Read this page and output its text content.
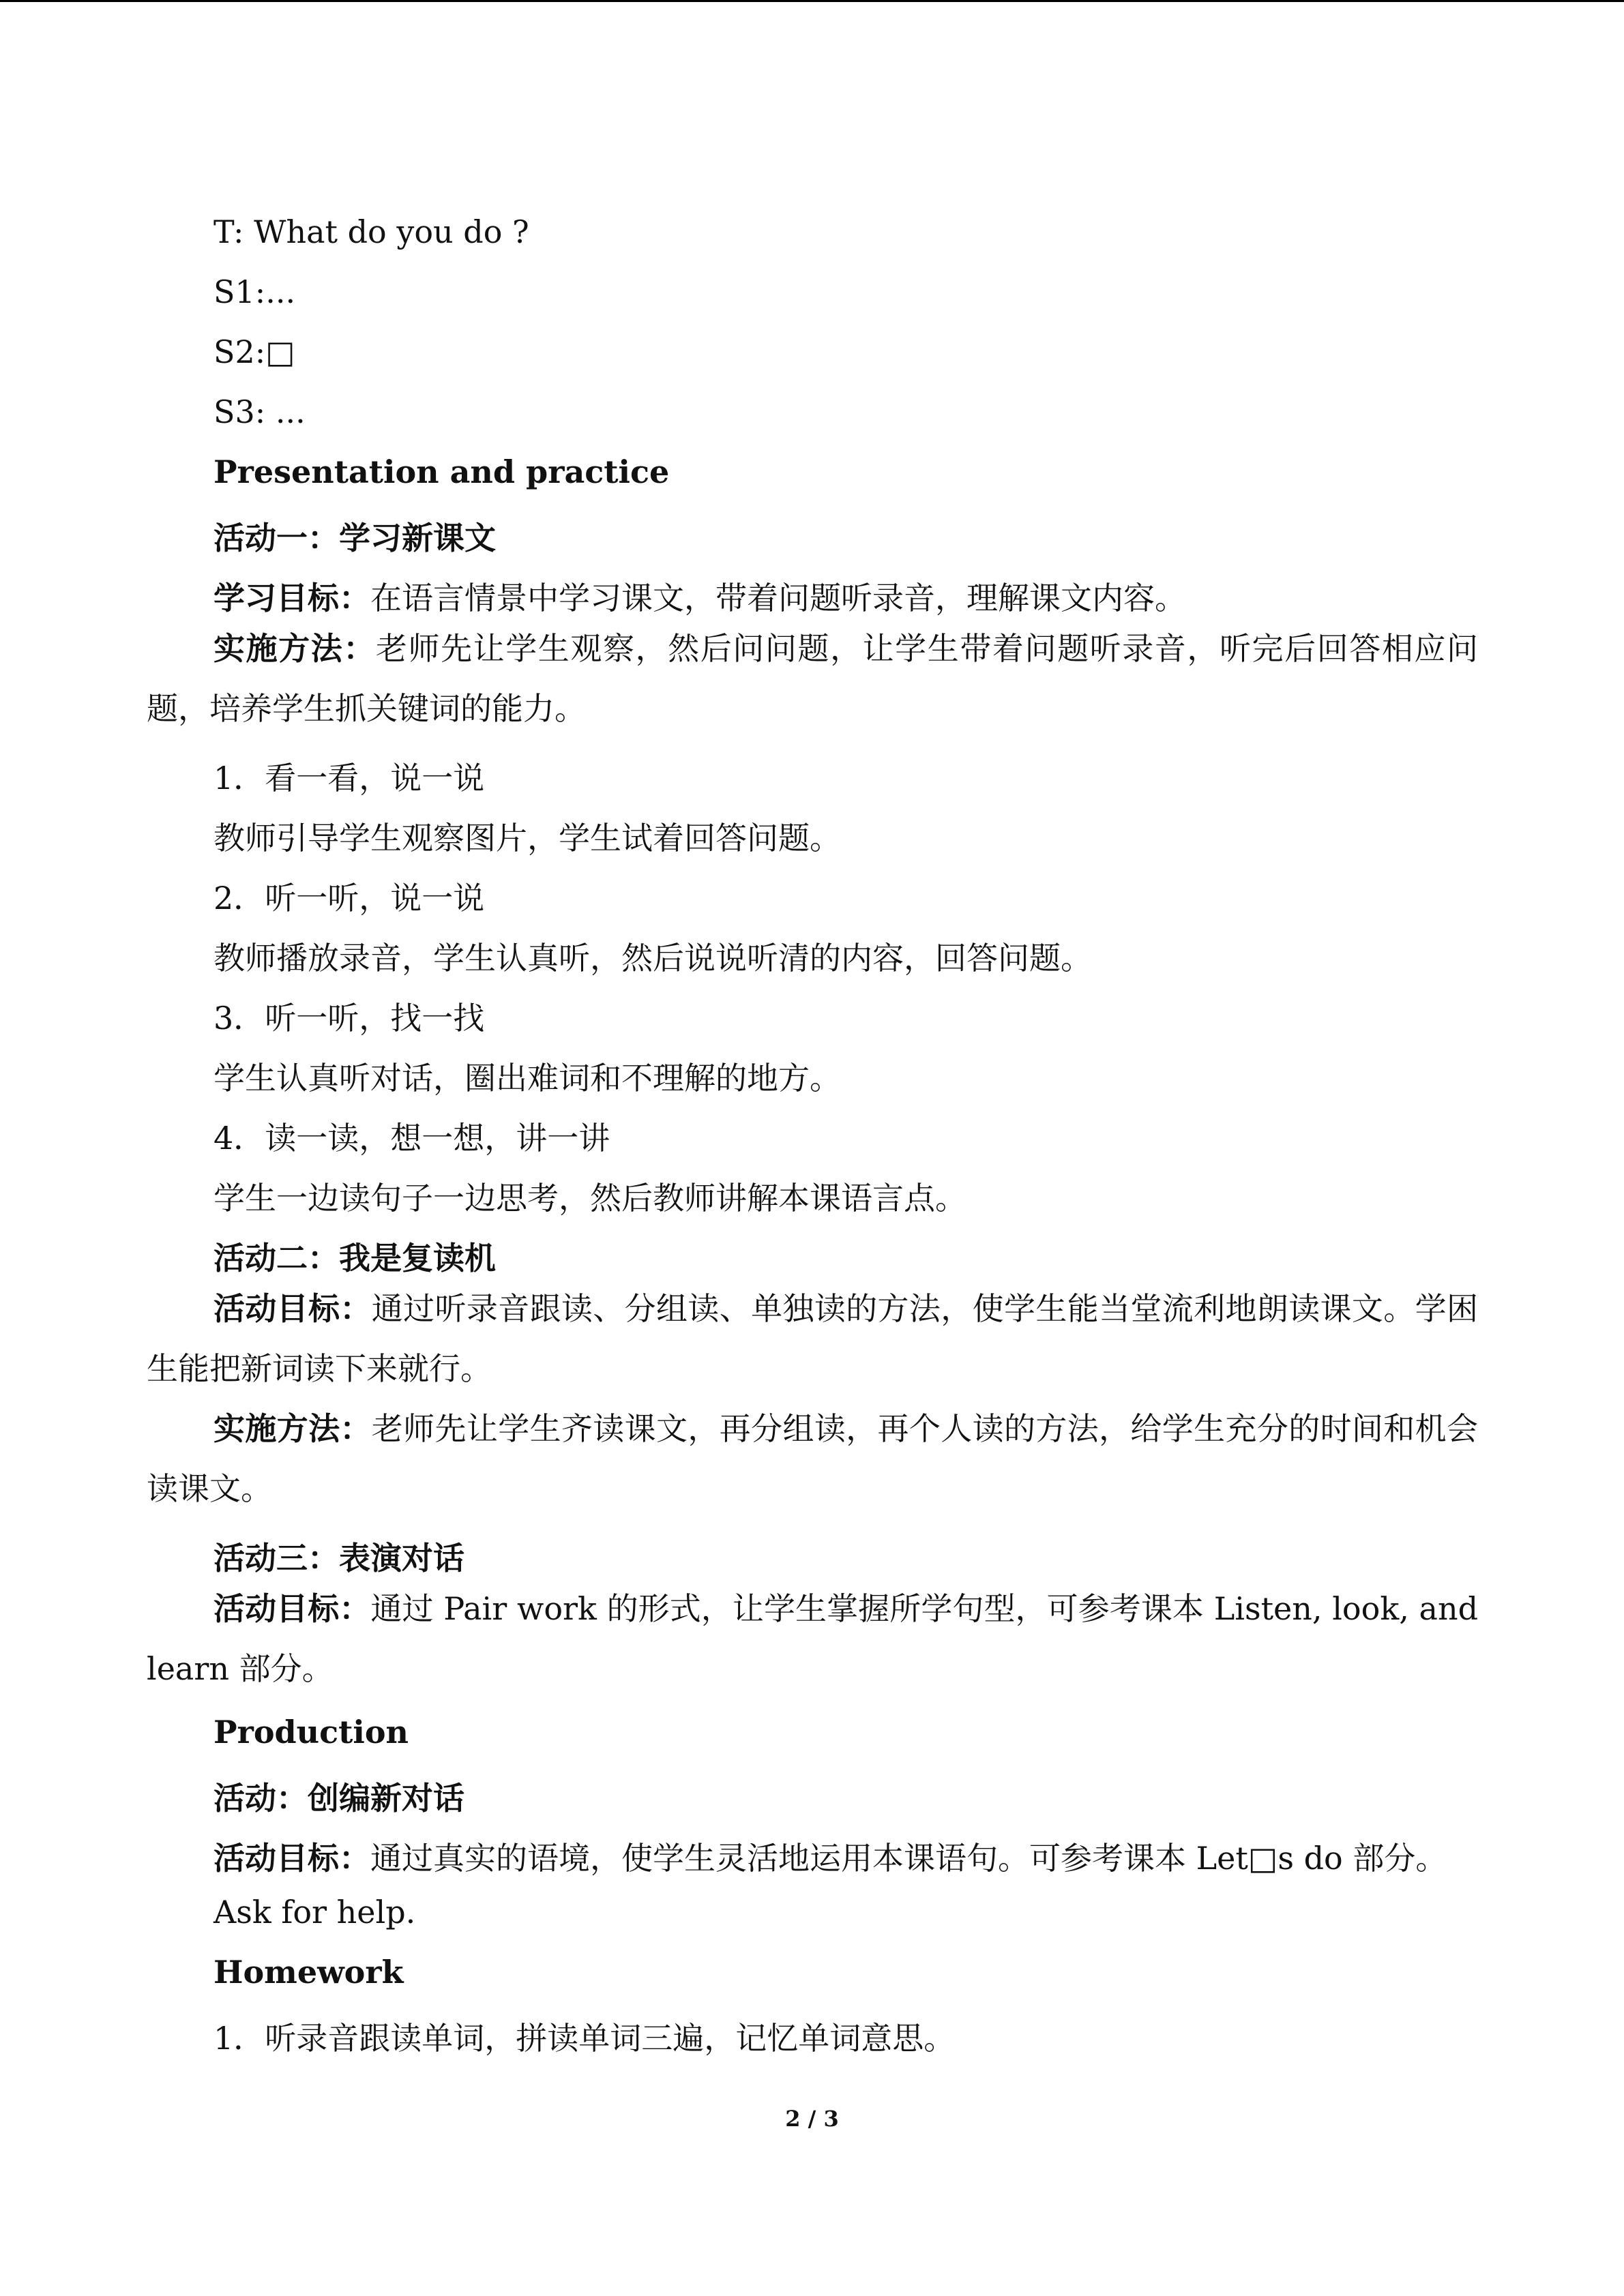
T: What do you do ?
S1:...
S2:□
S3: ...
Presentation and practice
活动一：学习新课文
学习目标：在语言情景中学习课文，带着问题听录音，理解课文内容。
实施方法：老师先让学生观察，然后问问题，让学生带着问题听录音，听完后回答相应问题，培养学生抓关键词的能力。
1．看一看，说一说
教师引导学生观察图片，学生试着回答问题。
2．听一听，说一说
教师播放录音，学生认真听，然后说说听清的内容，回答问题。
3．听一听，找一找
学生认真听对话，圈出难词和不理解的地方。
4．读一读，想一想，讲一讲
学生一边读句子一边思考，然后教师讲解本课语言点。
活动二：我是复读机
活动目标：通过听录音跟读、分组读、单独读的方法，使学生能当堂流利地朗读课文。学困生能把新词读下来就行。
实施方法：老师先让学生齐读课文，再分组读，再个人读的方法，给学生充分的时间和机会读课文。
活动三：表演对话
活动目标：通过 Pair work 的形式，让学生掌握所学句型，可参考课本 Listen, look, and learn 部分。
Production
活动：创编新对话
活动目标：通过真实的语境，使学生灵活地运用本课语句。可参考课本 Let□s do 部分。
Ask for help.
Homework
1．听录音跟读单词，拼读单词三遍，记忆单词意思。
2 / 3
